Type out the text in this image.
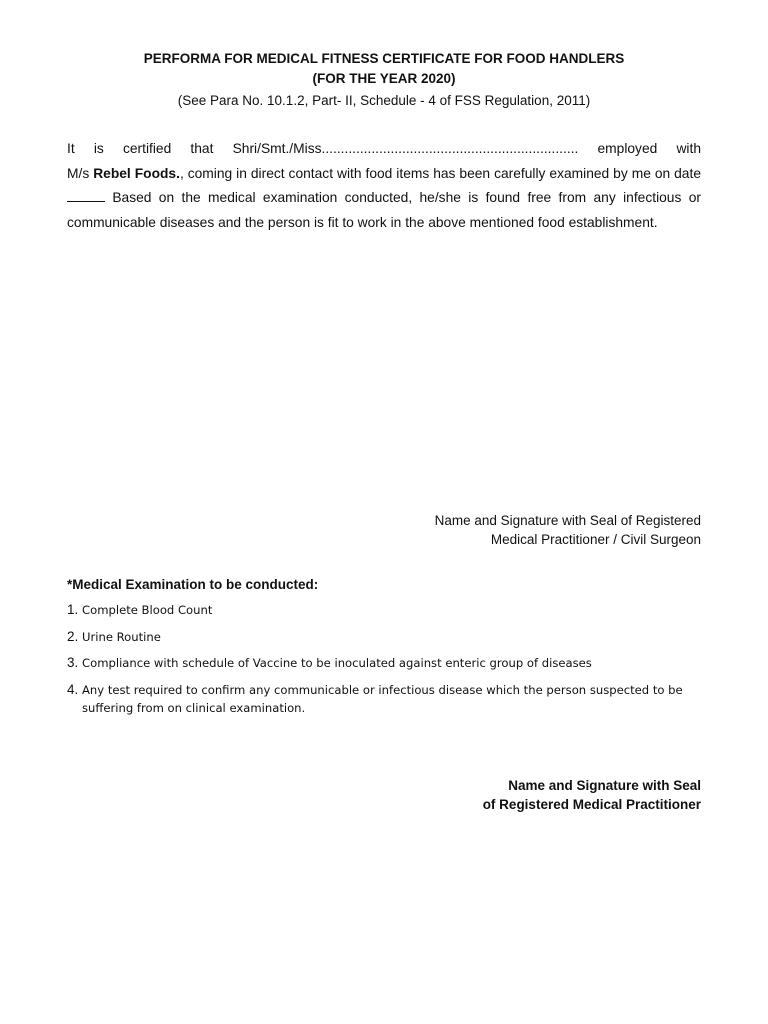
PERFORMA FOR MEDICAL FITNESS CERTIFICATE FOR FOOD HANDLERS
(FOR THE YEAR 2020)
(See Para No. 10.1.2, Part- II, Schedule - 4 of FSS Regulation, 2011)
It is certified that Shri/Smt./Miss................................................................... employed with
M/s Rebel Foods., coming in direct contact with food items has been carefully examined by me on date
Based on the medical examination conducted, he/she is found free from any infectious or
communicable diseases and the person is fit to work in the above mentioned food establishment.
Name and Signature with Seal of Registered
Medical Practitioner / Civil Surgeon
*Medical Examination to be conducted:
1. Complete Blood Count
2. Urine Routine
3. Compliance with schedule of Vaccine to be inoculated against enteric group of diseases
4. Any test required to confirm any communicable or infectious disease which the person suspected to be suffering from on clinical examination.
Name and Signature with Seal
of Registered Medical Practitioner
